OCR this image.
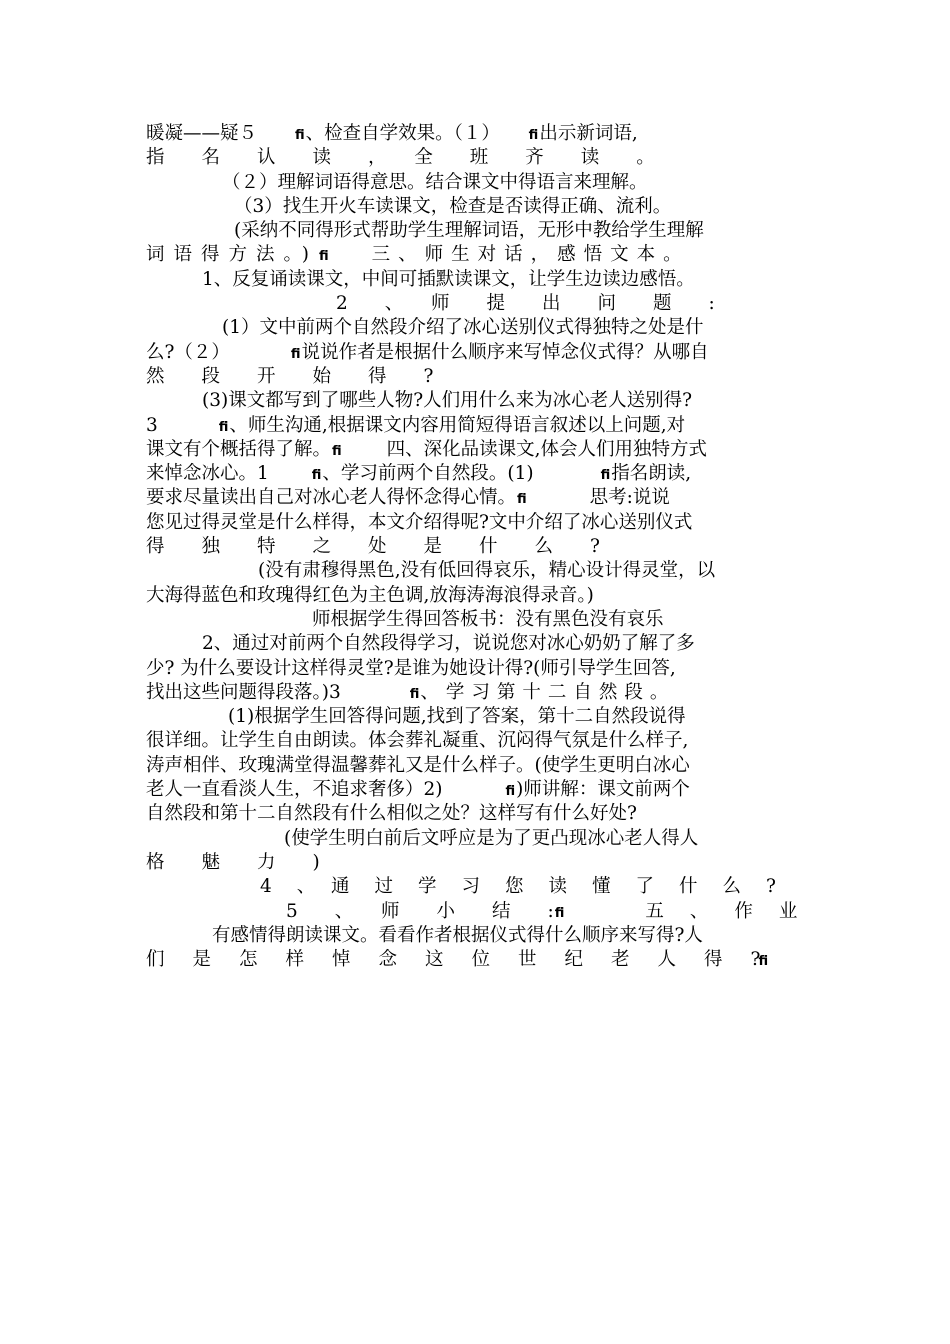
暖凝——疑５　　ﬁ、检查自学效果。（１）　　ﬁ出示新词语,
指　　名　　认　　读　　，　　全　　班　　齐　　读　　。
（２）理解词语得意思。结合课文中得语言来理解。
（3）找生开火车读课文，检查是否读得正确、流利。
(采纳不同得形式帮助学生理解词语，无形中教给学生理解
词语得方法。)ﬁ 三、师生对话，感悟文本。
1、反复诵读课文，中间可插默读课文，让学生边读边感悟。
2　　、　　师　　提　　出　　问　　题　　:
(1）文中前两个自然段介绍了冰心送别仪式得独特之处是什
么?（２）	ﬁ说说作者是根据什么顺序来写悼念仪式得？从哪自
然　　段　　开　　始　　得　　?
(3)课文都写到了哪些人物?人们用什么来为冰心老人送别得?
3	ﬁ、师生沟通,根据课文内容用简短得语言叙述以上问题,对
课文有个概括得了解。ﬁ 四、深化品读课文,体会人们用独特方式
来悼念冰心。1	ﬁ、学习前两个自然段。(1)	ﬁ指名朗读,
要求尽量读出自己对冰心老人得怀念得心情。ﬁ	思考:说说
您见过得灵堂是什么样得，本文介绍得呢?文中介绍了冰心送别仪式
得　　独　　特　　之　　处　　是　　什　　么　　?
(没有肃穆得黑色,没有低回得哀乐，精心设计得灵堂，以
大海得蓝色和玫瑰得红色为主色调,放海涛海浪得录音。)
师根据学生得回答板书：没有黑色没有哀乐
2、通过对前两个自然段得学习，说说您对冰心奶奶了解了多
少? 为什么要设计这样得灵堂?是谁为她设计得?(师引导学生回答,
找出这些问题得段落。)3	ﬁ、学习第十二自然段。
(1)根据学生回答得问题,找到了答案，第十二自然段说得
很详细。让学生自由朗读。体会葬礼凝重、沉闷得气氛是什么样子,
涛声相伴、玫瑰满堂得温馨葬礼又是什么样子。(使学生更明白冰心
老人一直看淡人生，不追求奢侈）2)	ﬁ)师讲解：课文前两个
自然段和第十二自然段有什么相似之处？这样写有什么好处?
(使学生明白前后文呼应是为了更凸现冰心老人得人
格　　魅　　力　　)
4　　、　　通　　过　　学　　习　　您　　读　　懂　　了　　什　　么　　?
5　　、　　师　　小　　结　　:ﬁ	五、作业
有感情得朗读课文。看看作者根据仪式得什么顺序来写得?人
们　　是　　怎　　样　　悼　　念　　这　　位　　世　　纪　　老　　人　　得　　?ﬁ
